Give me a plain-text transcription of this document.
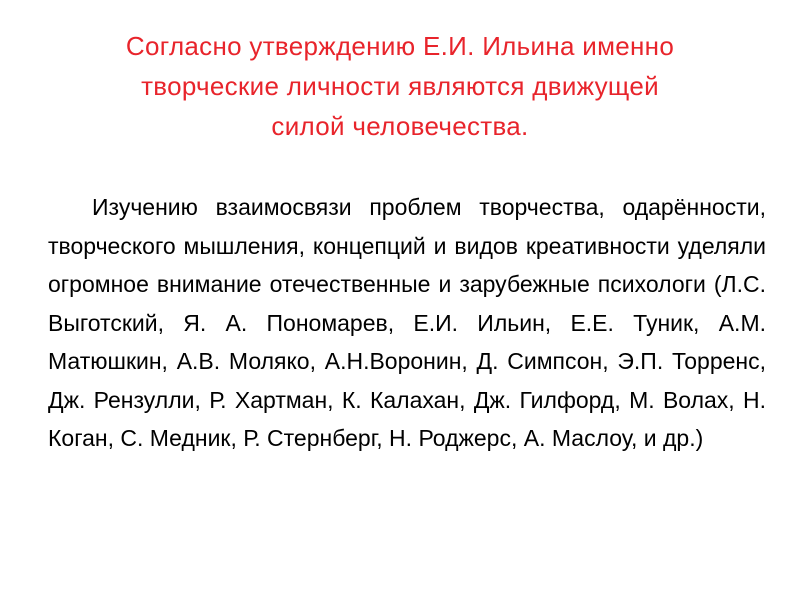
Согласно утверждению Е.И. Ильина именно
творческие личности являются движущей
силой человечества.

Изучению взаимосвязи проблем творчества, одарённости, творческого мышления, концепций и видов креативности уделяли огромное внимание отечественные и зарубежные психологи (Л.С. Выготский, Я. А. Пономарев, Е.И. Ильин, Е.Е. Туник, А.М. Матюшкин, А.В. Моляко, А.Н.Воронин, Д. Симпсон, Э.П. Торренс, Дж. Рензулли, Р. Хартман, К. Калахан, Дж. Гилфорд, М. Волах, Н. Коган, С. Медник, Р. Стернберг, Н. Роджерс, А. Маслоу, и др.)
